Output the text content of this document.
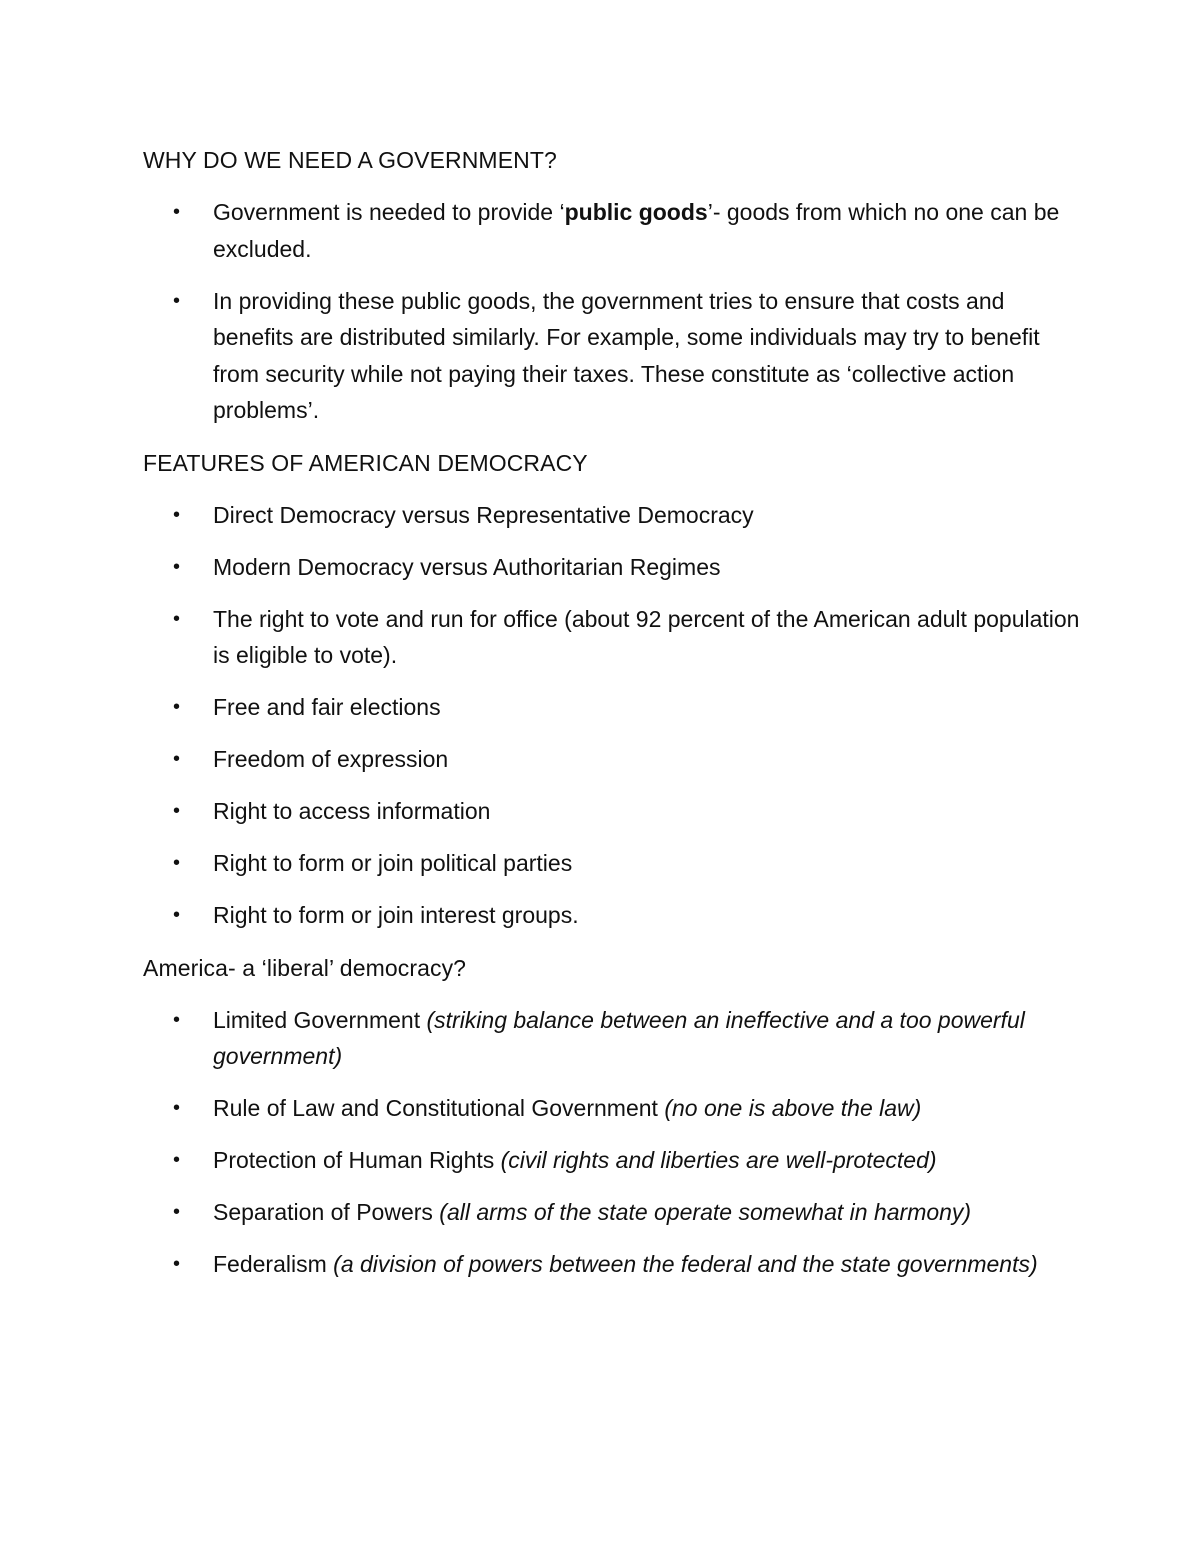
WHY DO WE NEED A GOVERNMENT?
• Government is needed to provide ‘public goods’- goods from which no one can be excluded.
• In providing these public goods, the government tries to ensure that costs and benefits are distributed similarly. For example, some individuals may try to benefit from security while not paying their taxes. These constitute as ‘collective action problems’.
FEATURES OF AMERICAN DEMOCRACY
• Direct Democracy versus Representative Democracy
• Modern Democracy versus Authoritarian Regimes
• The right to vote and run for office (about 92 percent of the American adult population is eligible to vote).
• Free and fair elections
• Freedom of expression
• Right to access information
• Right to form or join political parties
• Right to form or join interest groups.
America- a ‘liberal’ democracy?
• Limited Government (striking balance between an ineffective and a too powerful government)
• Rule of Law and Constitutional Government (no one is above the law)
• Protection of Human Rights (civil rights and liberties are well-protected)
• Separation of Powers (all arms of the state operate somewhat in harmony)
• Federalism (a division of powers between the federal and the state governments)
